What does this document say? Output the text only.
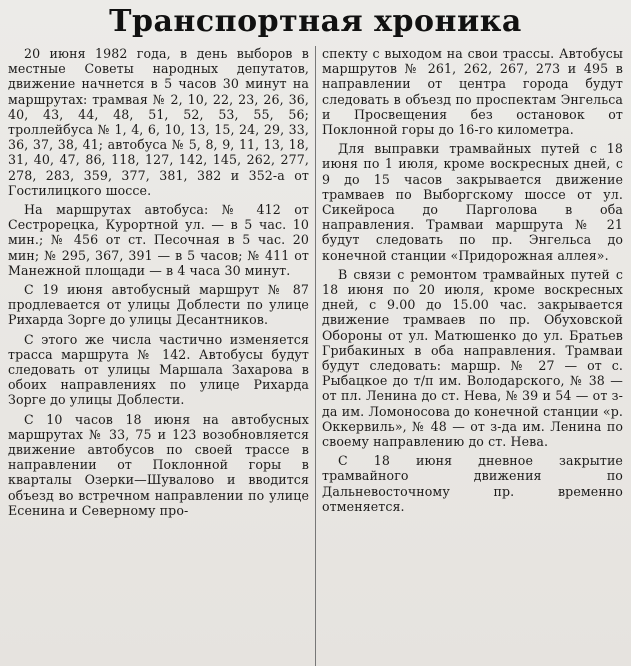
Транспортная хроника

20 июня 1982 года, в день выборов в местные Советы народных депутатов, движение начнется в 5 часов 30 минут на маршрутах: трамвая № 2, 10, 22, 23, 26, 36, 40, 43, 44, 48, 51, 52, 53, 55, 56; троллейбуса № 1, 4, 6, 10, 13, 15, 24, 29, 33, 36, 37, 38, 41; автобуса № 5, 8, 9, 11, 13, 18, 31, 40, 47, 86, 118, 127, 142, 145, 262, 277, 278, 283, 359, 377, 381, 382 и 352-а от Гостилицкого шоссе.

На маршрутах автобуса: № 412 от Сестрорецка, Курортной ул. — в 5 час. 10 мин.; № 456 от ст. Песочная в 5 час. 20 мин; № 295, 367, 391 — в 5 часов; № 411 от Манежной площади — в 4 часа 30 минут.

С 19 июня автобусный маршрут № 87 продлевается от улицы Доблести по улице Рихарда Зорге до улицы Десантников.

С этого же числа частично изменяется трасса маршрута № 142. Автобусы будут следовать от улицы Маршала Захарова в обоих направлениях по улице Рихарда Зорге до улицы Доблести.

С 10 часов 18 июня на автобусных маршрутах № 33, 75 и 123 возобновляется движение автобусов по своей трассе в направлении от Поклонной горы в кварталы Озерки—Шувалово и вводится объезд во встречном направлении по улице Есенина и Северному про-

спекту с выходом на свои трассы. Автобусы маршрутов № 261, 262, 267, 273 и 495 в направлении от центра города будут следовать в объезд по проспектам Энгельса и Просвещения без остановок от Поклонной горы до 16-го километра.

Для выправки трамвайных путей с 18 июня по 1 июля, кроме воскресных дней, с 9 до 15 часов закрывается движение трамваев по Выборгскому шоссе от ул. Сикейроса до Парголова в оба направления. Трамваи маршрута № 21 будут следовать по пр. Энгельса до конечной станции «Придорожная аллея».

В связи с ремонтом трамвайных путей с 18 июня по 20 июля, кроме воскресных дней, с 9.00 до 15.00 час. закрывается движение трамваев по пр. Обуховской Обороны от ул. Матюшенко до ул. Братьев Грибакиных в оба направления. Трамваи будут следовать: маршр. № 27 — от с. Рыбацкое до т/п им. Володарского, № 38 — от пл. Ленина до ст. Нева, № 39 и 54 — от з-да им. Ломоносова до конечной станции «р. Оккервиль», № 48 — от з-да им. Ленина по своему направлению до ст. Нева.

С 18 июня дневное закрытие трамвайного движения по Дальневосточному пр. временно отменяется.
